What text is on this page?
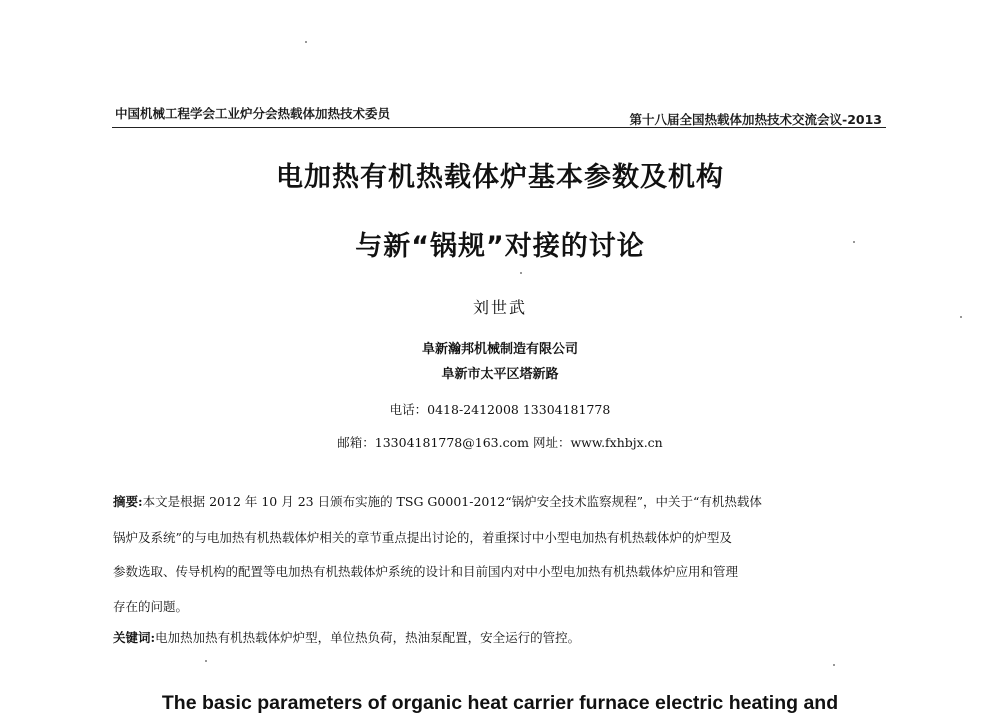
中国机械工程学会工业炉分会热载体加热技术委员	第十八届全国热载体加热技术交流会议-2013
电加热有机热载体炉基本参数及机构
与新“锅规”对接的讨论
刘世武
阜新瀚邦机械制造有限公司
阜新市太平区塔新路
电话：0418-2412008 13304181778
邮箱：13304181778@163.com 网址：www.fxhbjx.cn
摘要:本文是根据 2012 年 10 月 23 日颁布实施的 TSG G0001-2012“锅炉安全技术监察规程”，中关于“有机热载体
锅炉及系统”的与电加热有机热载体炉相关的章节重点提出讨论的，着重探讨中小型电加热有机热载体炉的炉型及
参数选取、传导机构的配置等电加热有机热载体炉系统的设计和目前国内对中小型电加热有机热载体炉应用和管理
存在的问题。
关键词:电加热加热有机热载体炉炉型，单位热负荷，热油泵配置，安全运行的管控。
The basic parameters of organic heat carrier furnace electric heating and
